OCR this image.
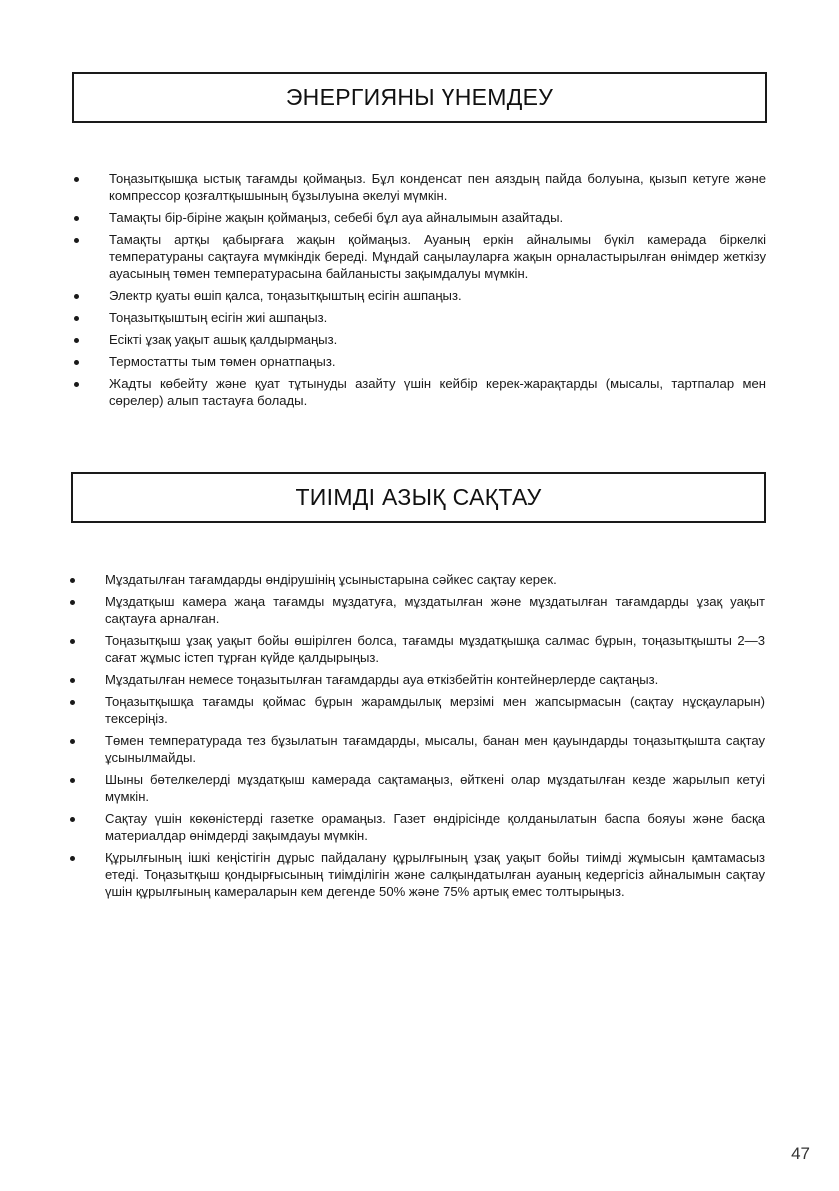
ЭНЕРГИЯНЫ ҮНЕМДЕУ
Тоңазытқышқа ыстық тағамды қоймаңыз. Бұл конденсат пен аяздың пайда болуына, қызып кетуге және компрессор қозғалтқышының бұзылуына әкелуі мүмкін.
Тамақты бір-біріне жақын қоймаңыз, себебі бұл ауа айналымын азайтады.
Тамақты артқы қабырғаға жақын қоймаңыз. Ауаның еркін айналымы бүкіл камерада біркелкі температураны сақтауға мүмкіндік береді. Мұндай саңылауларға жақын орналастырылған өнімдер жеткізу ауасының төмен температурасына байланысты зақымдалуы мүмкін.
Электр қуаты өшіп қалса, тоңазытқыштың есігін ашпаңыз.
Тоңазытқыштың есігін жиі ашпаңыз.
Есікті ұзақ уақыт ашық қалдырмаңыз.
Термостатты тым төмен орнатпаңыз.
Жадты көбейту және қуат тұтынуды азайту үшін кейбір керек-жарақтарды (мысалы, тартпалар мен сөрелер) алып тастауға болады.
ТИІМДІ АЗЫҚ САҚТАУ
Мұздатылған тағамдарды өндірушінің ұсыныстарына сәйкес сақтау керек.
Мұздатқыш камера жаңа тағамды мұздатуға, мұздатылған және мұздатылған тағамдарды ұзақ уақыт сақтауға арналған.
Тоңазытқыш ұзақ уақыт бойы өшірілген болса, тағамды мұздатқышқа салмас бұрын, тоңазытқышты 2—3 сағат жұмыс істеп тұрған күйде қалдырыңыз.
Мұздатылған немесе тоңазытылған тағамдарды ауа өткізбейтін контейнерлерде сақтаңыз.
Тоңазытқышқа тағамды қоймас бұрын жарамдылық мерзімі мен жапсырмасын (сақтау нұсқауларын) тексеріңіз.
Төмен температурада тез бұзылатын тағамдарды, мысалы, банан мен қауындарды тоңазытқышта сақтау ұсынылмайды.
Шыны бөтелкелерді мұздатқыш камерада сақтамаңыз, өйткені олар мұздатылған кезде жарылып кетуі мүмкін.
Сақтау үшін көкөністерді газетке орамаңыз. Газет өндірісінде қолданылатын баспа бояуы және басқа материалдар өнімдерді зақымдауы мүмкін.
Құрылғының ішкі кеңістігін дұрыс пайдалану құрылғының ұзақ уақыт бойы тиімді жұмысын қамтамасыз етеді. Тоңазытқыш қондырғысының тиімділігін және салқындатылған ауаның кедергісіз айналымын сақтау үшін құрылғының камераларын кем дегенде 50% және 75% артық емес толтырыңыз.
47
